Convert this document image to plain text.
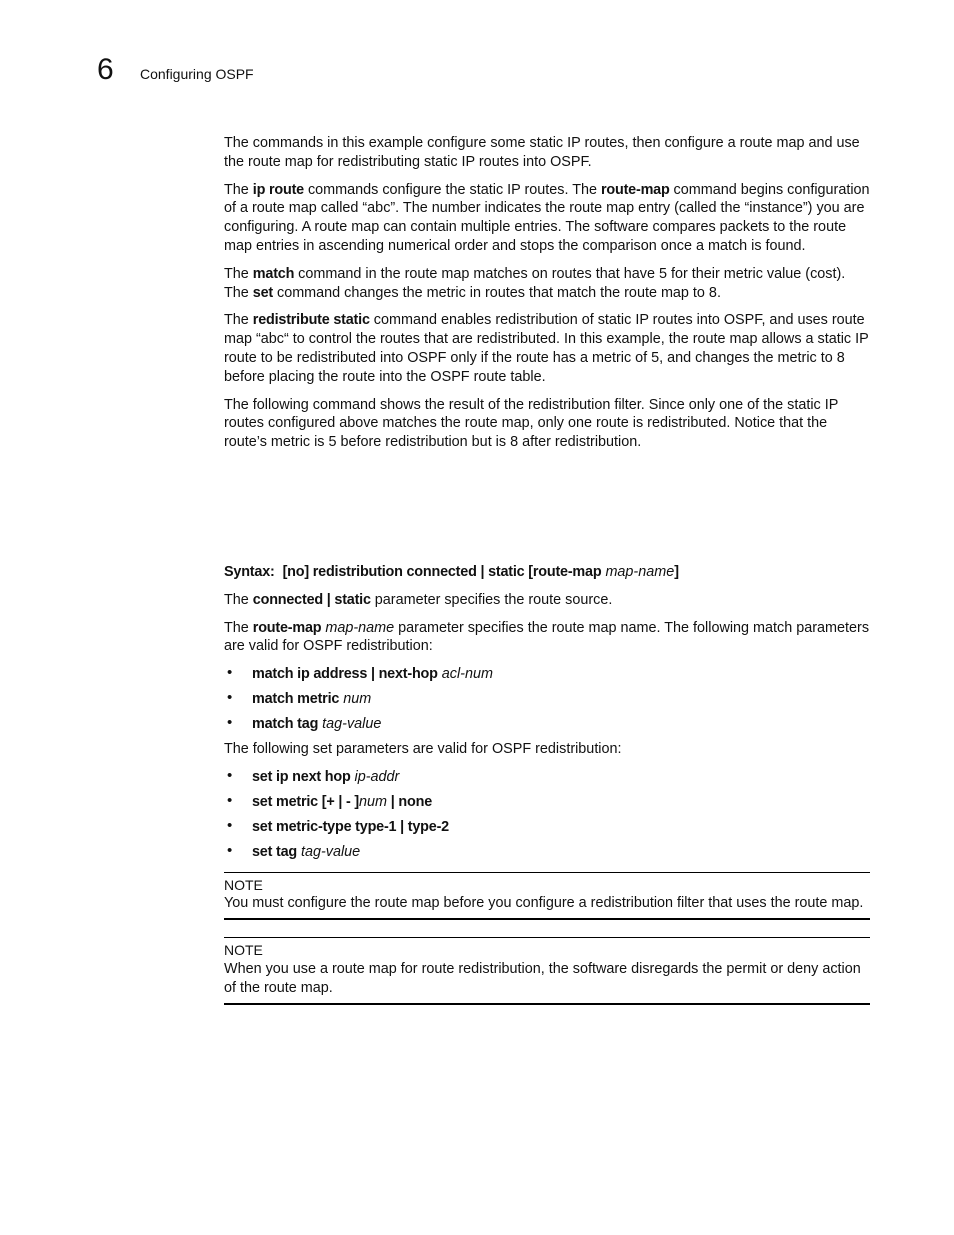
6 Configuring OSPF

The commands in this example configure some static IP routes, then configure a route map and use the route map for redistributing static IP routes into OSPF.

The ip route commands configure the static IP routes. The route-map command begins configuration of a route map called “abc”. The number indicates the route map entry (called the “instance”) you are configuring. A route map can contain multiple entries. The software compares packets to the route map entries in ascending numerical order and stops the comparison once a match is found.

The match command in the route map matches on routes that have 5 for their metric value (cost). The set command changes the metric in routes that match the route map to 8.

The redistribute static command enables redistribution of static IP routes into OSPF, and uses route map “abc“ to control the routes that are redistributed. In this example, the route map allows a static IP route to be redistributed into OSPF only if the route has a metric of 5, and changes the metric to 8 before placing the route into the OSPF route table.

The following command shows the result of the redistribution filter. Since only one of the static IP routes configured above matches the route map, only one route is redistributed. Notice that the route’s metric is 5 before redistribution but is 8 after redistribution.

Syntax: [no] redistribution connected | static [route-map map-name]

The connected | static parameter specifies the route source.

The route-map map-name parameter specifies the route map name. The following match parameters are valid for OSPF redistribution:

• match ip address | next-hop acl-num
• match metric num
• match tag tag-value

The following set parameters are valid for OSPF redistribution:

• set ip next hop ip-addr
• set metric [+ | - ]num | none
• set metric-type type-1 | type-2
• set tag tag-value
NOTE
You must configure the route map before you configure a redistribution filter that uses the route map.
NOTE
When you use a route map for route redistribution, the software disregards the permit or deny action of the route map.
